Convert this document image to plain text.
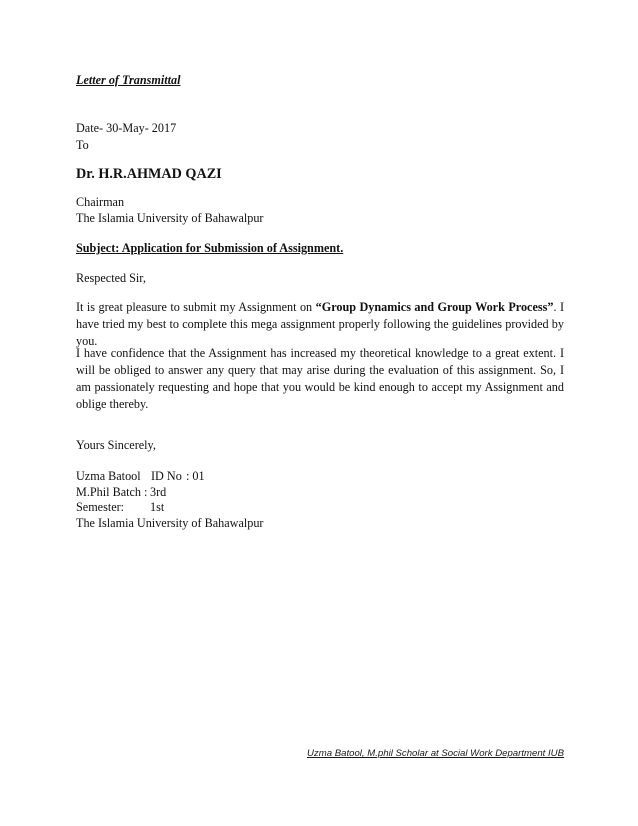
Letter of Transmittal
Date- 30-May- 2017
To
Dr. H.R.AHMAD QAZI
Chairman
The Islamia University of Bahawalpur
Subject: Application for Submission of Assignment.
Respected Sir,
It is great pleasure to submit my Assignment on “Group Dynamics and Group Work Process”. I have tried my best to complete this mega assignment properly following the guidelines provided by you.
I have confidence that the Assignment has increased my theoretical knowledge to a great extent. I will be obliged to answer any query that may arise during the evaluation of this assignment. So, I am passionately requesting and hope that you would be kind enough to accept my Assignment and oblige thereby.
Yours Sincerely,
Uzma Batool ID No : 01
M.Phil Batch : 3rd
Semester: 1st
The Islamia University of Bahawalpur
Uzma Batool, M.phil Scholar at Social Work Department IUB
